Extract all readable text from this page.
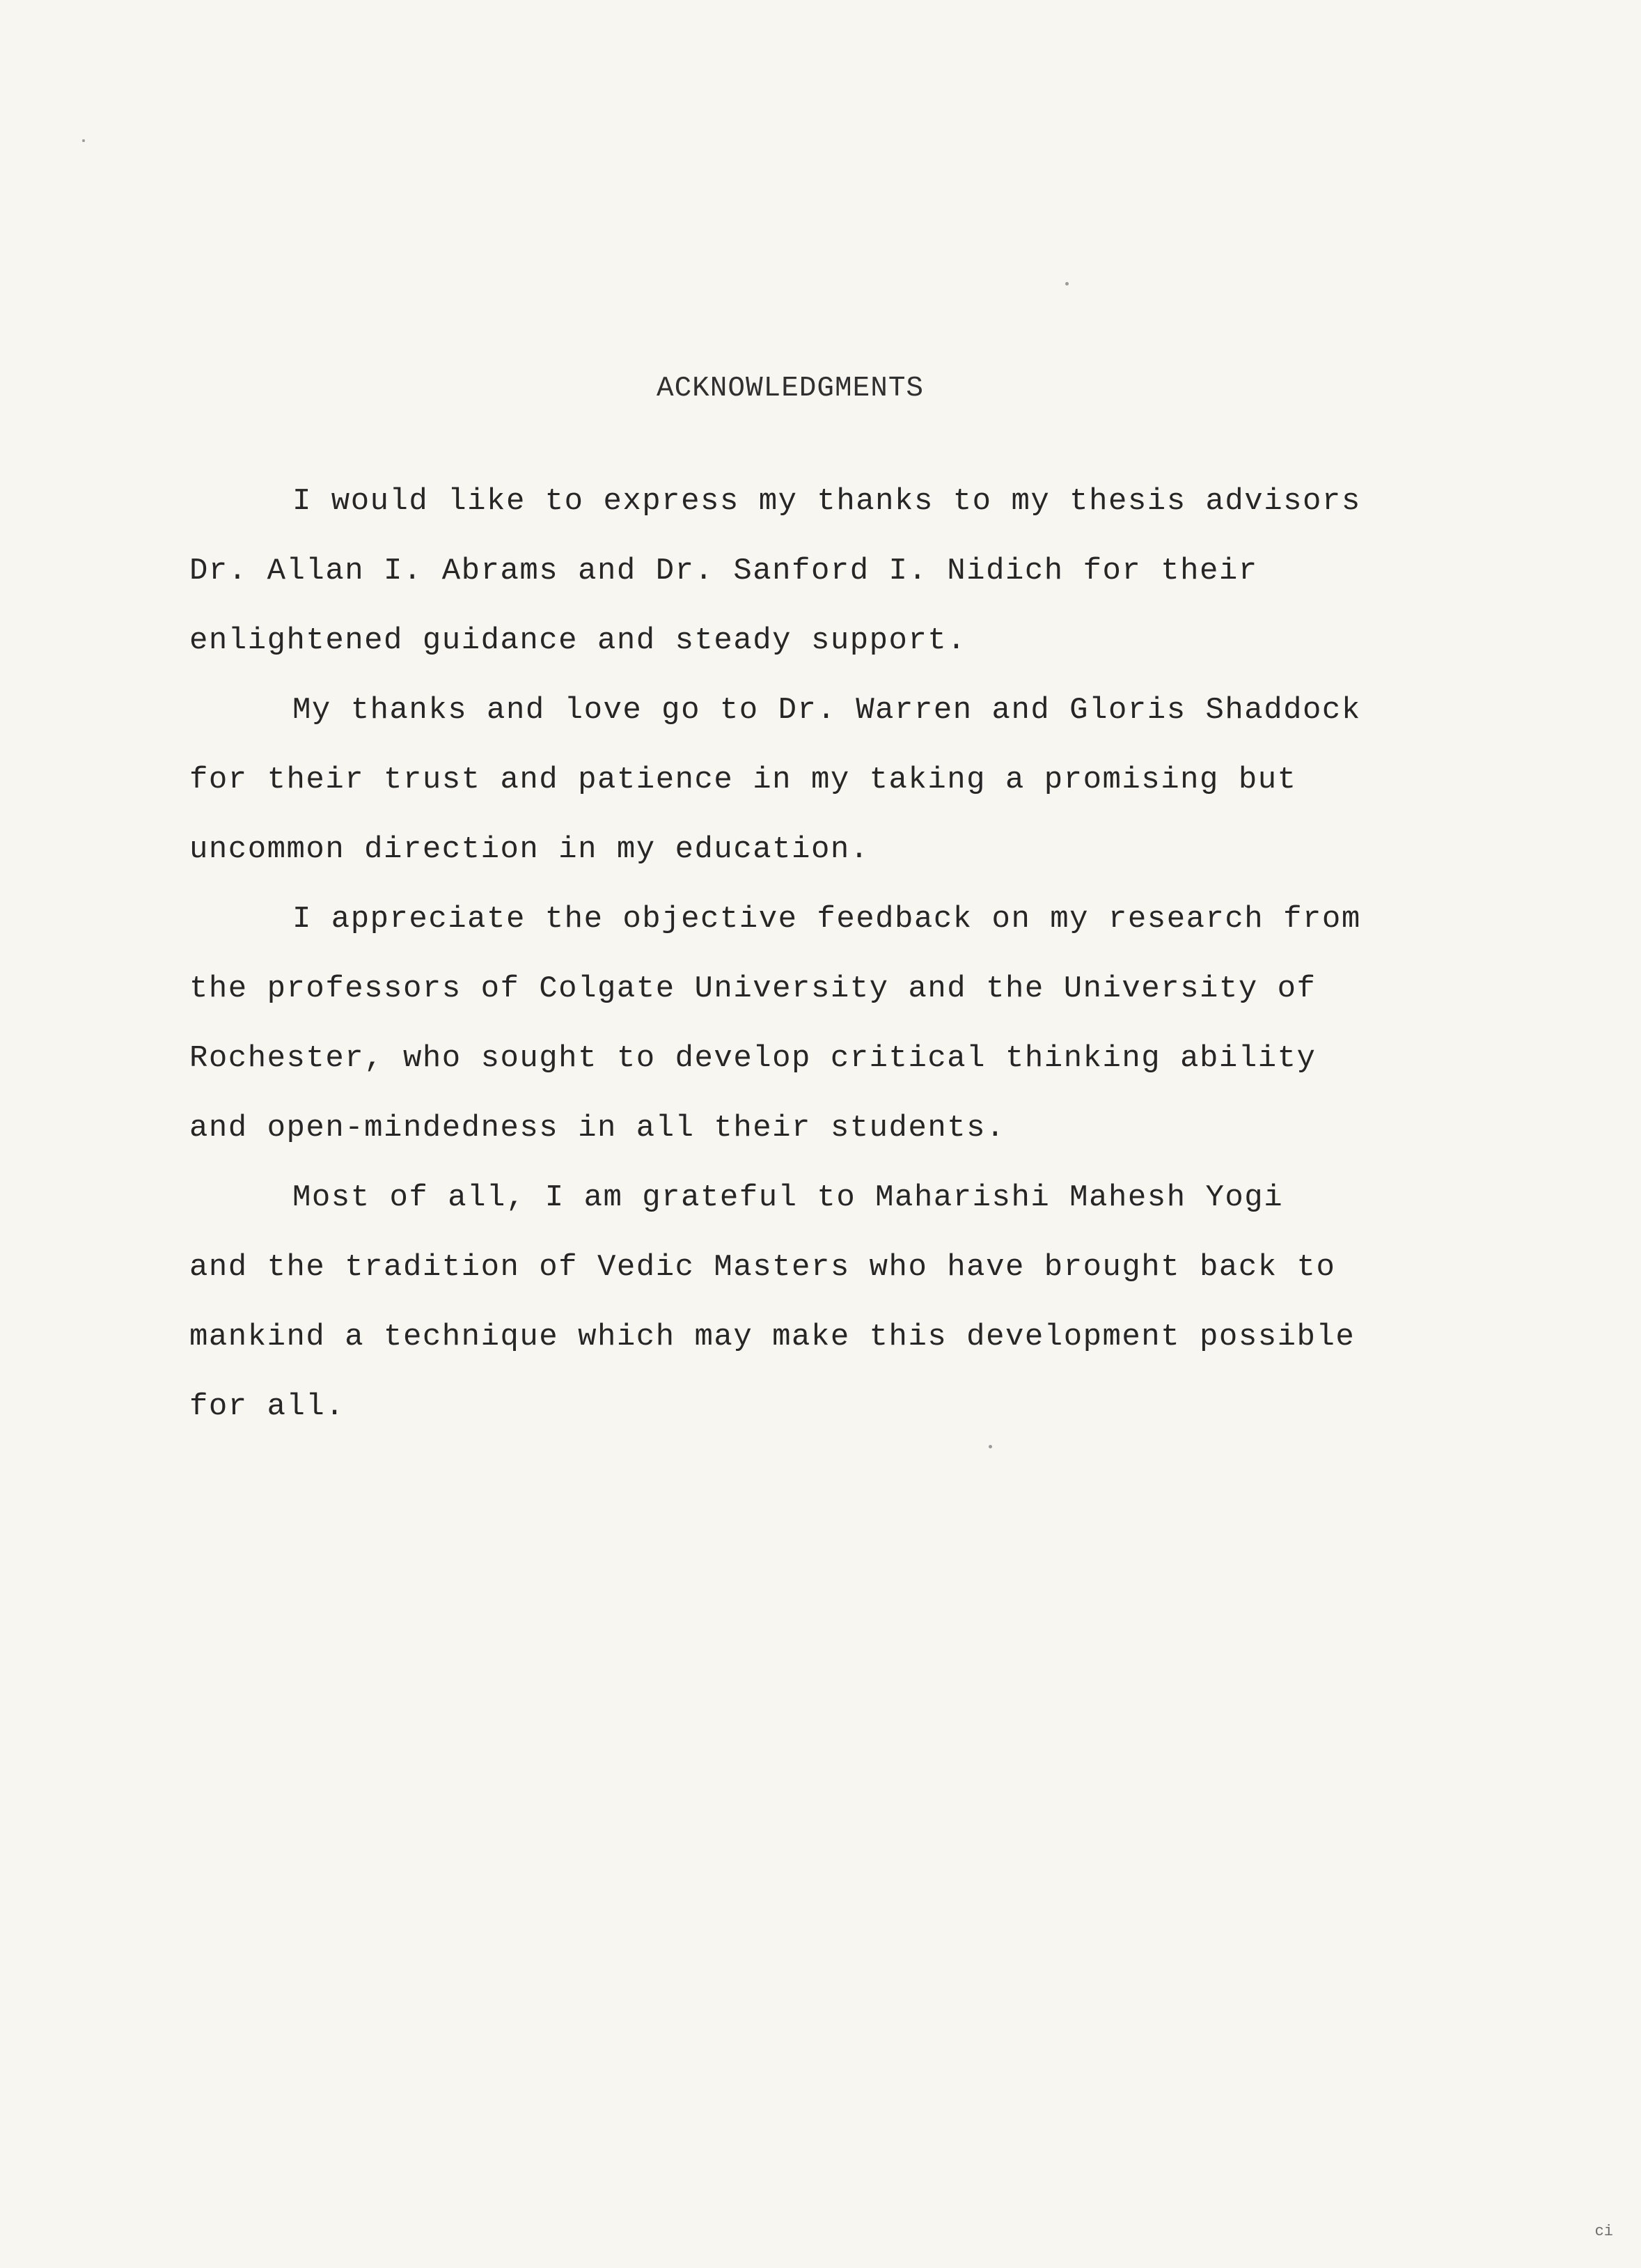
ACKNOWLEDGMENTS
I would like to express my thanks to my thesis advisors
Dr. Allan I. Abrams and Dr. Sanford I. Nidich for their
enlightened guidance and steady support.
My thanks and love go to Dr. Warren and Gloris Shaddock
for their trust and patience in my taking a promising but
uncommon direction in my education.
I appreciate the objective feedback on my research from
the professors of Colgate University and the University of
Rochester, who sought to develop critical thinking ability
and open-mindedness in all their students.
Most of all, I am grateful to Maharishi Mahesh Yogi
and the tradition of Vedic Masters who have brought back to
mankind a technique which may make this development possible
for all.
ci
